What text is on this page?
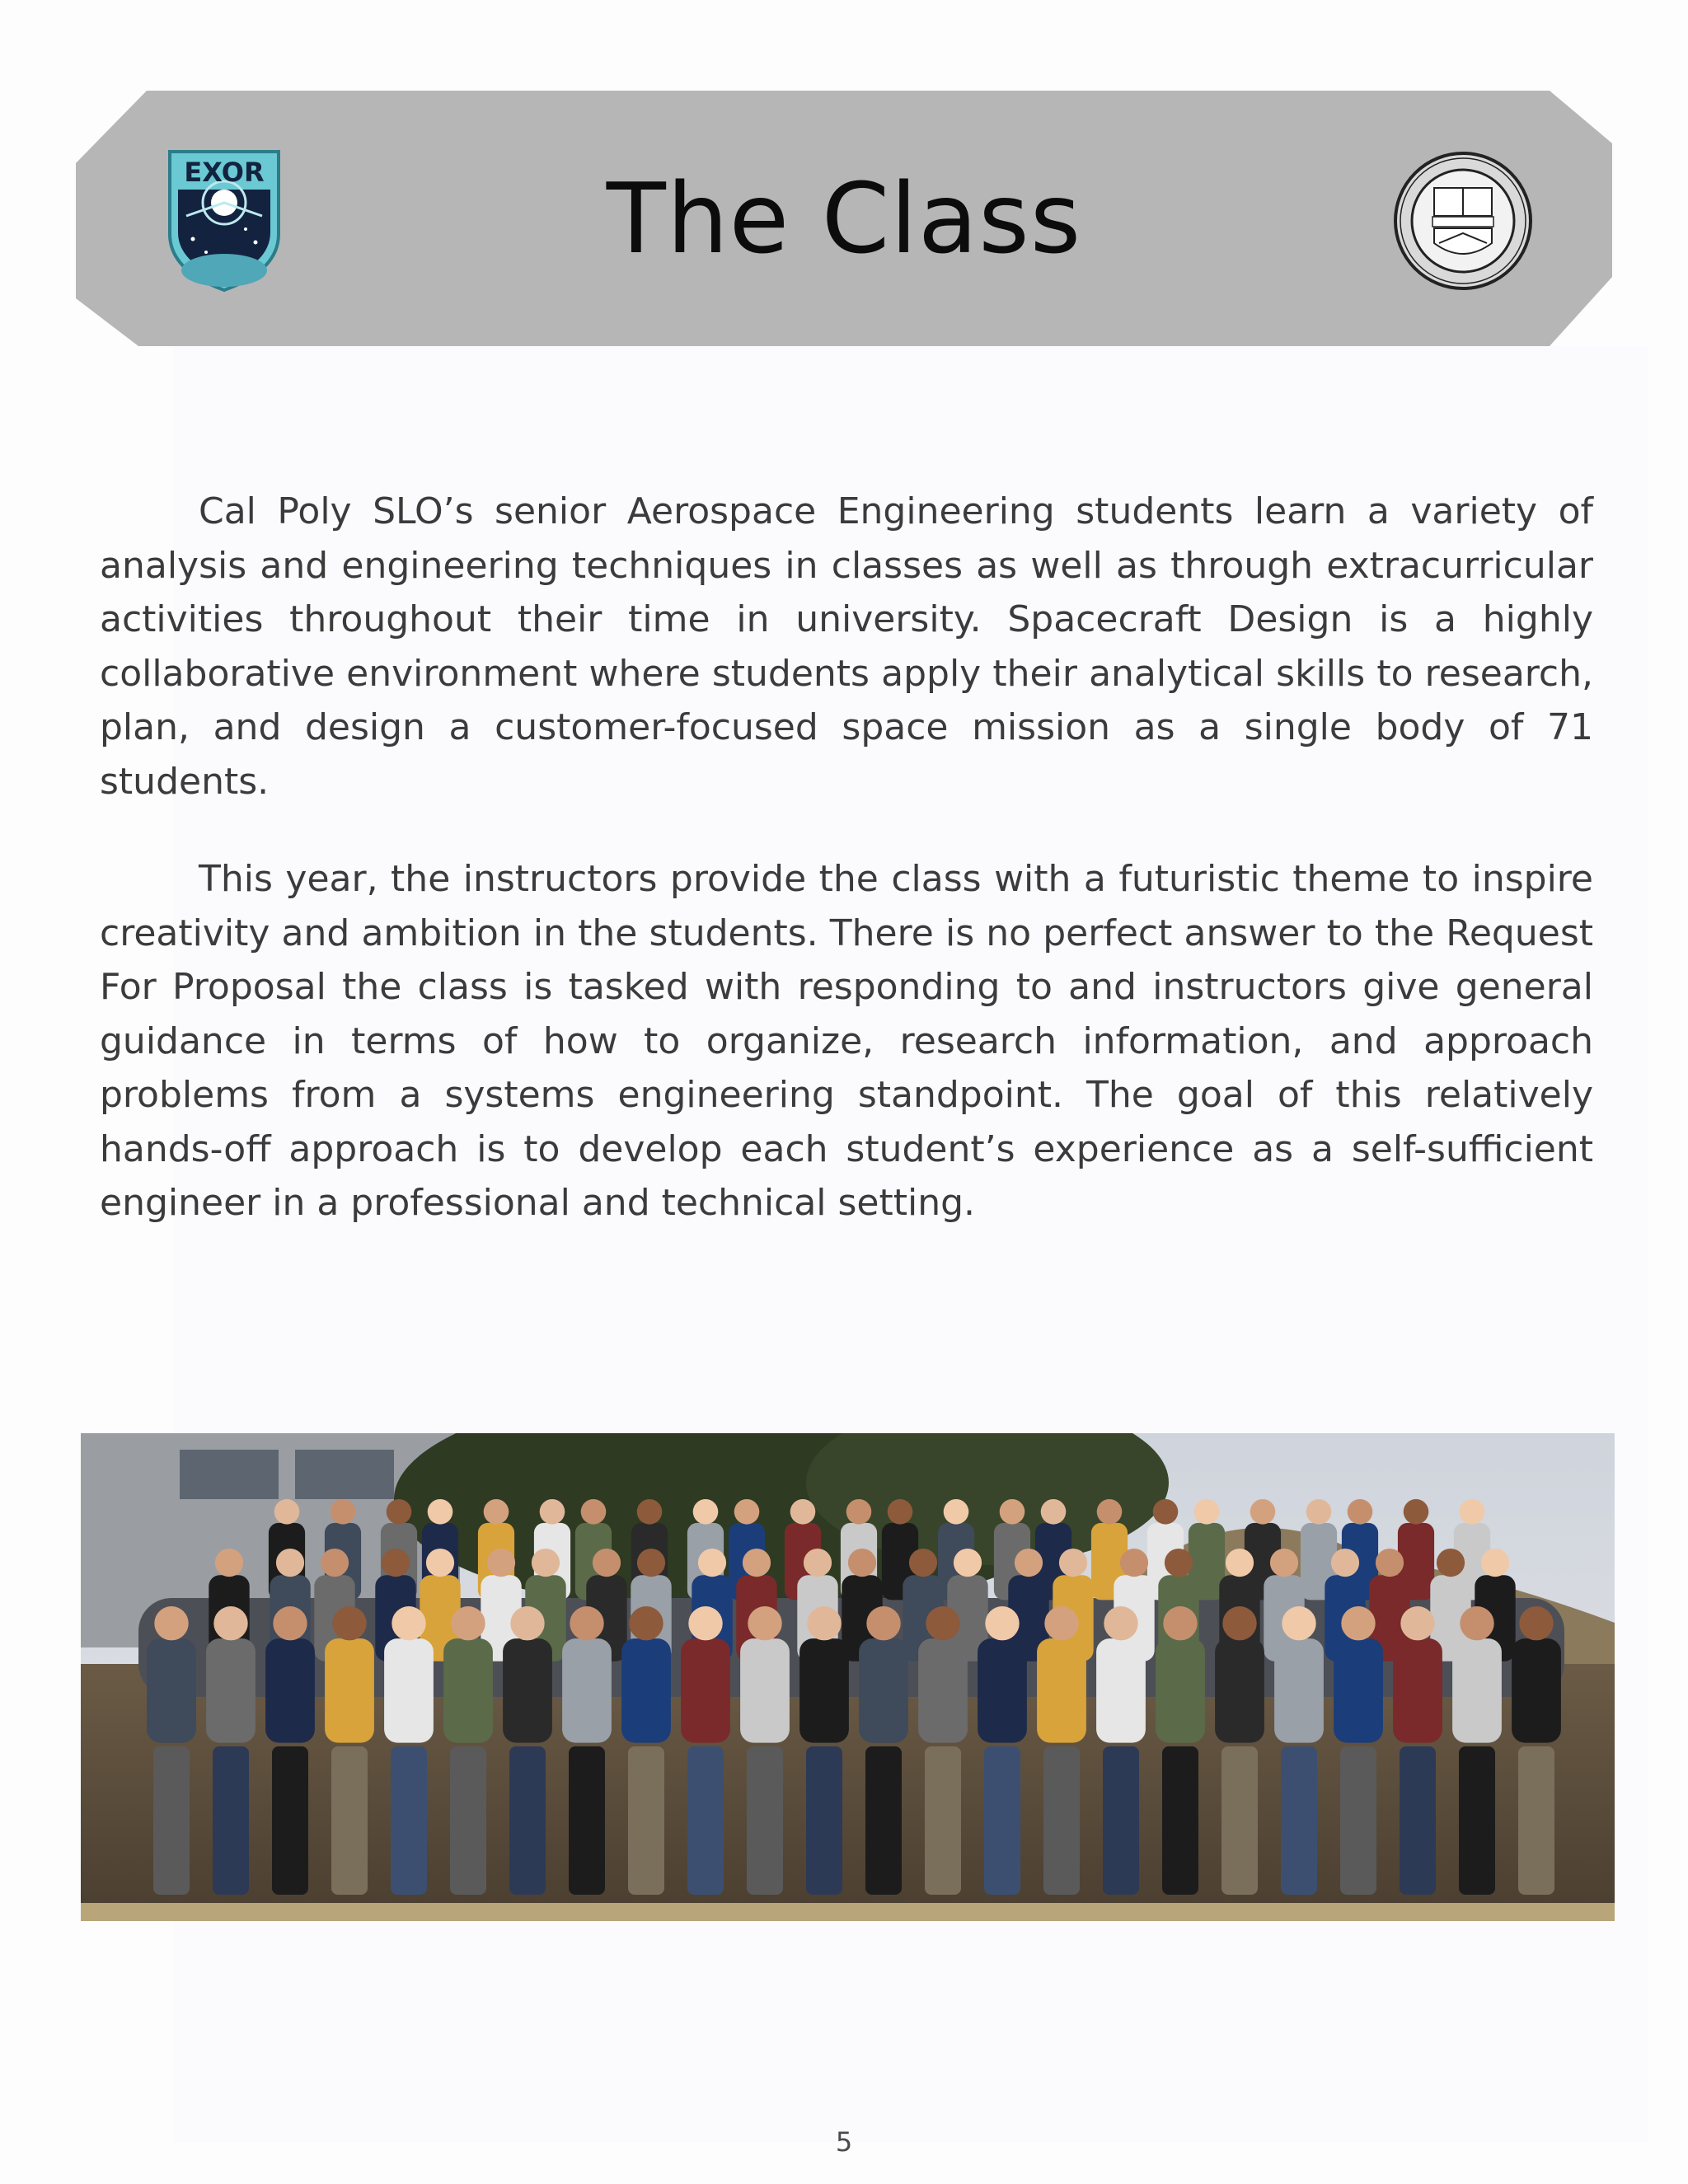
EXOR	The Class

Cal Poly SLO’s senior Aerospace Engineering students learn a variety of analysis and engineering techniques in classes as well as through extracurricular activities throughout their time in university. Spacecraft Design is a highly collaborative environment where students apply their analytical skills to research, plan, and design a customer-focused space mission as a single body of 71 students.

This year, the instructors provide the class with a futuristic theme to inspire creativity and ambition in the students. There is no perfect answer to the Request For Proposal the class is tasked with responding to and instructors give general guidance in terms of how to organize, research information, and approach problems from a systems engineering standpoint. The goal of this relatively hands-off approach is to develop each student’s experience as a self-sufficient engineer in a professional and technical setting.

5
